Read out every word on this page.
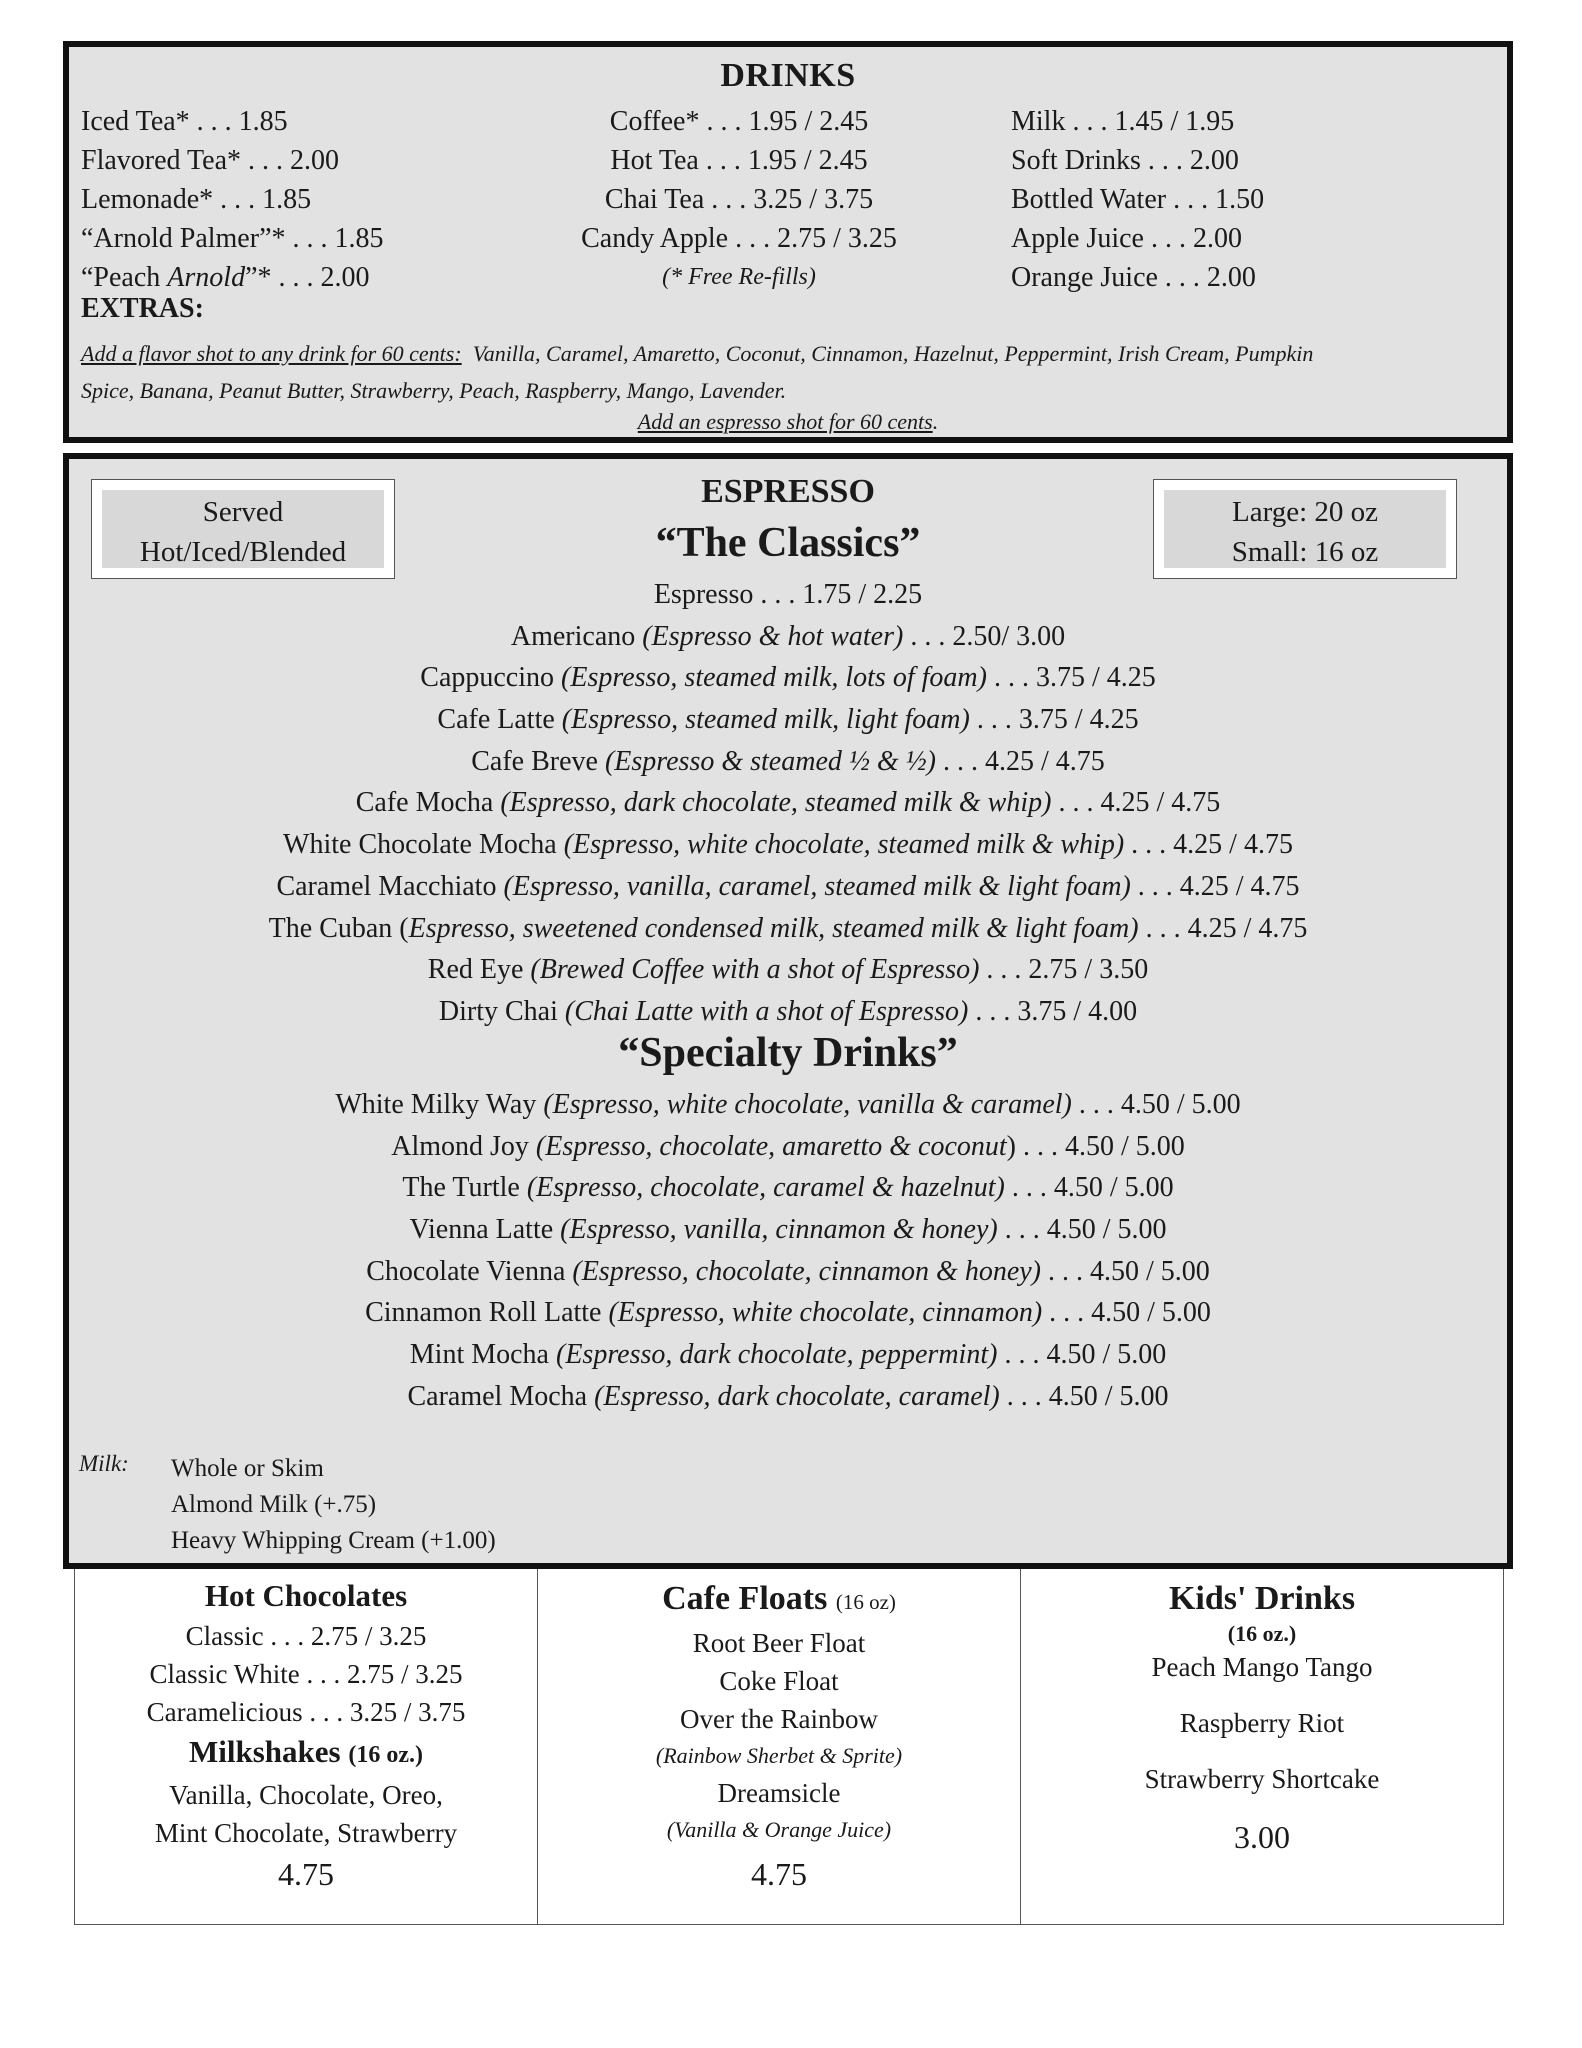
DRINKS
Iced Tea* . . . 1.85
Flavored Tea* . . . 2.00
Lemonade* . . . 1.85
“Arnold Palmer”* . . . 1.85
“Peach Arnold”* . . . 2.00
Coffee* . . . 1.95 / 2.45
Hot Tea . . . 1.95 / 2.45
Chai Tea . . . 3.25 / 3.75
Candy Apple . . . 2.75 / 3.25
(* Free Re-fills)
Milk . . . 1.45 / 1.95
Soft Drinks . . . 2.00
Bottled Water . . . 1.50
Apple Juice . . . 2.00
Orange Juice . . . 2.00
EXTRAS:
Add a flavor shot to any drink for 60 cents: Vanilla, Caramel, Amaretto, Coconut, Cinnamon, Hazelnut, Peppermint, Irish Cream, Pumpkin
Spice, Banana, Peanut Butter, Strawberry, Peach, Raspberry, Mango, Lavender.
Add an espresso shot for 60 cents.
Served
Hot/Iced/Blended
Large: 20 oz
Small: 16 oz
ESPRESSO
“The Classics”
Espresso . . . 1.75 / 2.25
Americano (Espresso & hot water) . . . 2.50/ 3.00
Cappuccino (Espresso, steamed milk, lots of foam) . . . 3.75 / 4.25
Cafe Latte (Espresso, steamed milk, light foam) . . . 3.75 / 4.25
Cafe Breve (Espresso & steamed ½ & ½) . . . 4.25 / 4.75
Cafe Mocha (Espresso, dark chocolate, steamed milk & whip) . . . 4.25 / 4.75
White Chocolate Mocha (Espresso, white chocolate, steamed milk & whip) . . . 4.25 / 4.75
Caramel Macchiato (Espresso, vanilla, caramel, steamed milk & light foam) . . . 4.25 / 4.75
The Cuban (Espresso, sweetened condensed milk, steamed milk & light foam) . . . 4.25 / 4.75
Red Eye (Brewed Coffee with a shot of Espresso) . . . 2.75 / 3.50
Dirty Chai (Chai Latte with a shot of Espresso) . . . 3.75 / 4.00
“Specialty Drinks”
White Milky Way (Espresso, white chocolate, vanilla & caramel) . . . 4.50 / 5.00
Almond Joy (Espresso, chocolate, amaretto & coconut) . . . 4.50 / 5.00
The Turtle (Espresso, chocolate, caramel & hazelnut) . . . 4.50 / 5.00
Vienna Latte (Espresso, vanilla, cinnamon & honey) . . . 4.50 / 5.00
Chocolate Vienna (Espresso, chocolate, cinnamon & honey) . . . 4.50 / 5.00
Cinnamon Roll Latte (Espresso, white chocolate, cinnamon) . . . 4.50 / 5.00
Mint Mocha (Espresso, dark chocolate, peppermint) . . . 4.50 / 5.00
Caramel Mocha (Espresso, dark chocolate, caramel) . . . 4.50 / 5.00
Milk: Whole or Skim
Almond Milk (+.75)
Heavy Whipping Cream (+1.00)
Hot Chocolates
Classic . . . 2.75 / 3.25
Classic White . . . 2.75 / 3.25
Caramelicious . . . 3.25 / 3.75
Milkshakes (16 oz.)
Vanilla, Chocolate, Oreo,
Mint Chocolate, Strawberry
4.75
Cafe Floats (16 oz)
Root Beer Float
Coke Float
Over the Rainbow
(Rainbow Sherbet & Sprite)
Dreamsicle
(Vanilla & Orange Juice)
4.75
Kids' Drinks
(16 oz.)
Peach Mango Tango
Raspberry Riot
Strawberry Shortcake
3.00
